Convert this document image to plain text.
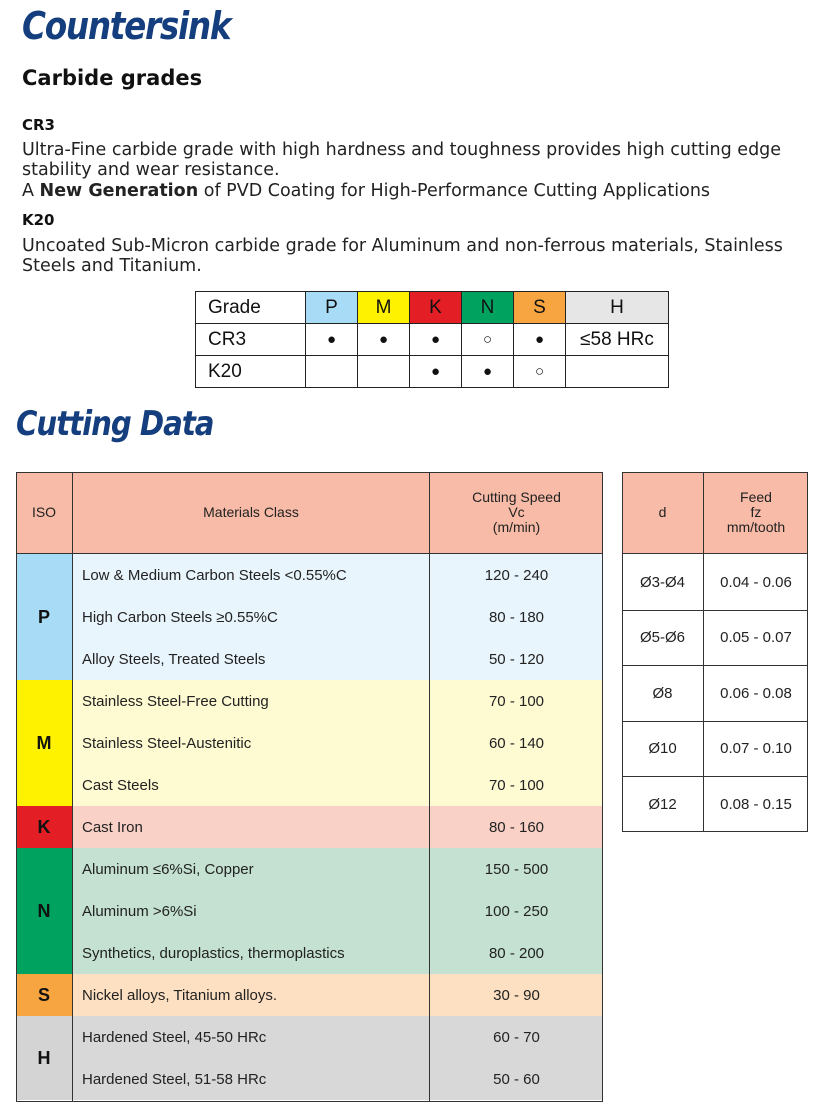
Countersink
Carbide grades
CR3
Ultra-Fine carbide grade with high hardness and toughness provides high cutting edge stability and wear resistance.
A New Generation of PVD Coating for High-Performance Cutting Applications
K20
Uncoated Sub-Micron carbide grade for Aluminum and non-ferrous materials, Stainless Steels and Titanium.
Grade	P	M	K	N	S	H
CR3	●	●	●	○	●	≤58 HRc
K20			●	●	○	
Cutting Data
ISO	Materials Class
Cutting Speed
Vc
(m/min)
P
Low & Medium Carbon Steels <0.55%C	120 - 240
High Carbon Steels ≥0.55%C	80 - 180
Alloy Steels, Treated Steels	50 - 120
M
Stainless Steel-Free Cutting	70 - 100
Stainless Steel-Austenitic	60 - 140
Cast Steels	70 - 100
K	Cast Iron	80 - 160
N
Aluminum ≤6%Si, Copper	150 - 500
Aluminum >6%Si	100 - 250
Synthetics, duroplastics, thermoplastics	80 - 200
S	Nickel alloys, Titanium alloys.	30 - 90
H
Hardened Steel, 45-50 HRc	60 - 70
Hardened Steel, 51-58 HRc	50 - 60
d
Feed
fz
mm/tooth
Ø3-Ø4	0.04 - 0.06
Ø5-Ø6	0.05 - 0.07
Ø8	0.06 - 0.08
Ø10	0.07 - 0.10
Ø12	0.08 - 0.15
